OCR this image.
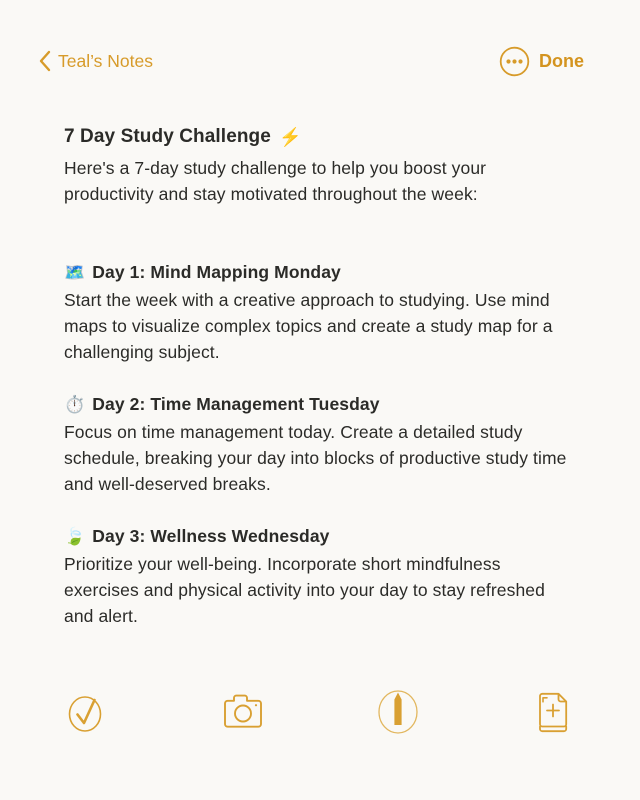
Teal’s Notes	Done
7 Day Study Challenge ⚡
Here's a 7-day study challenge to help you boost your productivity and stay motivated throughout the week:
🗺️ Day 1: Mind Mapping Monday
Start the week with a creative approach to studying. Use mind maps to visualize complex topics and create a study map for a challenging subject.
⏱️ Day 2: Time Management Tuesday
Focus on time management today. Create a detailed study schedule, breaking your day into blocks of productive study time and well-deserved breaks.
🍃 Day 3: Wellness Wednesday
Prioritize your well-being. Incorporate short mindfulness exercises and physical activity into your day to stay refreshed and alert.
